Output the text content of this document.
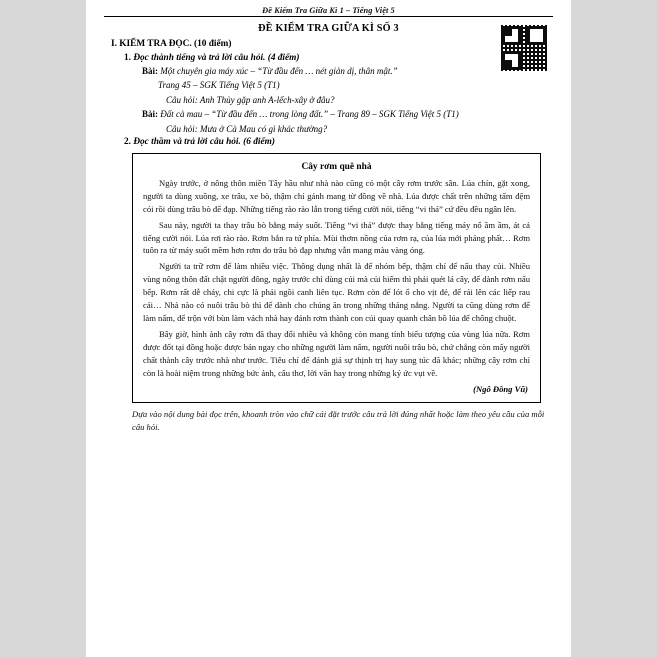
Đề Kiểm Tra Giữa Kì 1 – Tiếng Việt 5
ĐỀ KIỂM TRA GIỮA KÌ SỐ 3
I. KIỂM TRA ĐỌC. (10 điểm)
1. Đọc thành tiếng và trả lời câu hỏi. (4 điểm)
Bài: Một chuyên gia máy xúc – “Từ đầu đến … nét giản dị, thân mật.”
Trang 45 – SGK Tiếng Việt 5 (T1)
Câu hỏi: Anh Thủy gặp anh A-lếch-xây ở đâu?
Bài: Đất cà mau – “Từ đầu đến … trong lòng đất.” – Trang 89 – SGK Tiếng Việt 5 (T1)
Câu hỏi: Mưa ở Cà Mau có gì khác thường?
2. Đọc thầm và trả lời câu hỏi. (6 điểm)
Cây rơm quê nhà

Ngày trước, ở nông thôn miền Tây hầu như nhà nào cũng có một cây rơm trước sân. Lúa chín, gặt xong, người ta dùng xuồng, xe trâu, xe bò, thậm chí gánh mang từ đồng về nhà. Lúa được chất trên những tấm đệm cói rồi dùng trâu bò để đạp. Những tiếng rào rào lẫn trong tiếng cười nói, tiếng “vi thá” cứ đều đều ngân lên.

Sau này, người ta thay trâu bò bằng máy suốt. Tiếng “vi thá” được thay bằng tiếng máy nổ ầm ầm, át cả tiếng cười nói. Lúa rơi rào rào. Rơm bắn ra tứ phía. Mùi thơm nồng của rơm rạ, của lúa mới phảng phất… Rơm tuôn ra từ máy suốt mềm hơn rơm do trâu bò đạp nhưng vẫn mang màu vàng óng.

Người ta trữ rơm để làm nhiều việc. Thông dụng nhất là để nhóm bếp, thậm chí để nấu thay củi. Nhiều vùng nông thôn đất chật người đông, ngày trước chỉ dùng củi mà củi hiếm thì phải quét lá cây, để dành rơm nấu bếp. Rơm rất dễ cháy, chi cực là phải ngồi canh liên tục. Rơm còn để lót ổ cho vịt đẻ, để rải lên các liếp rau cải… Nhà nào có nuôi trâu bò thì để dành cho chúng ăn trong những tháng nắng. Người ta cũng dùng rơm để làm nấm, để trộn với bùn làm vách nhà hay đánh rơm thành con cúi quay quanh chân bồ lúa để chống chuột.

Bây giờ, hình ảnh cây rơm đã thay đổi nhiều và không còn mang tính biểu tượng của vùng lúa nữa. Rơm được đốt tại đồng hoặc được bán ngay cho những người làm nấm, người nuôi trâu bò, chứ chẳng còn mấy người chất thành cây trước nhà như trước. Tiêu chí để đánh giá sự thịnh trị hay sung túc đã khác; những cây rơm chỉ còn là hoài niệm trong những bức ảnh, câu thơ, lời văn hay trong những ký ức vụt về.

(Ngô Đồng Vũ)
Dựa vào nội dung bài đọc trên, khoanh tròn vào chữ cái đặt trước câu trả lời đúng nhất hoặc làm theo yêu cầu của mỗi câu hỏi.
